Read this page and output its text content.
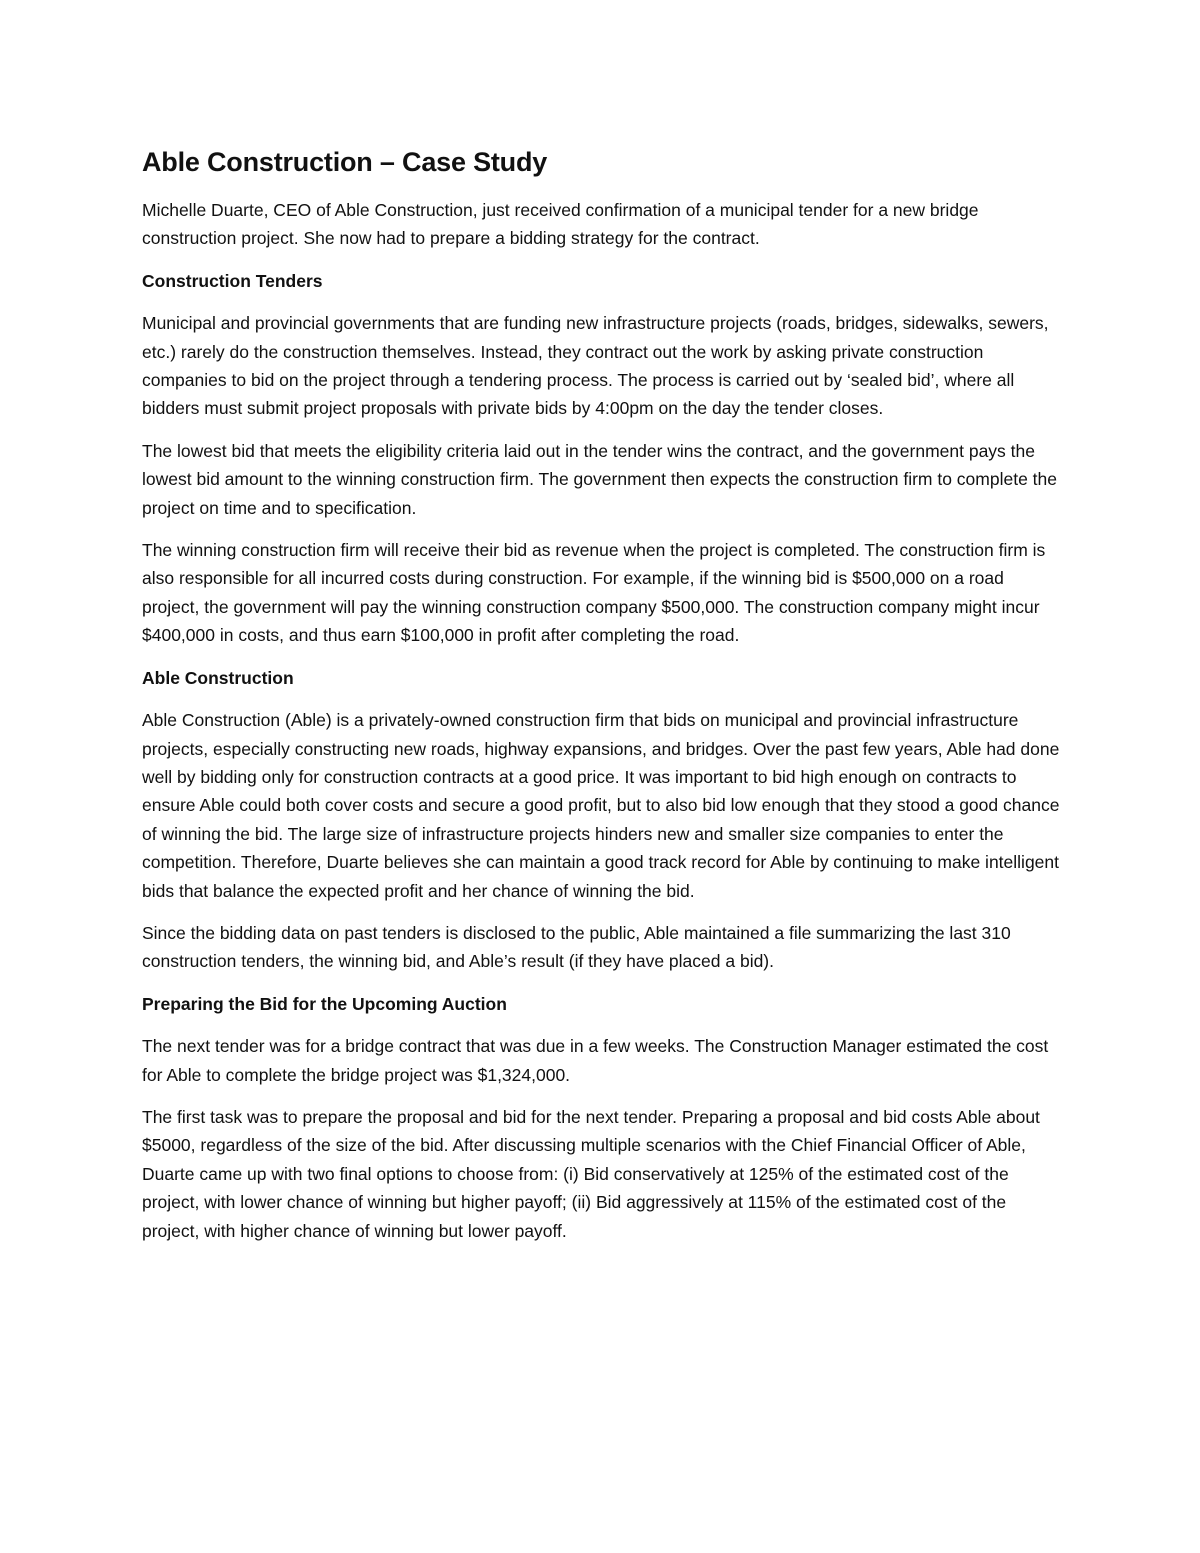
Able Construction – Case Study

Michelle Duarte, CEO of Able Construction, just received confirmation of a municipal tender for a new bridge construction project. She now had to prepare a bidding strategy for the contract.

Construction Tenders

Municipal and provincial governments that are funding new infrastructure projects (roads, bridges, sidewalks, sewers, etc.) rarely do the construction themselves. Instead, they contract out the work by asking private construction companies to bid on the project through a tendering process. The process is carried out by ‘sealed bid’, where all bidders must submit project proposals with private bids by 4:00pm on the day the tender closes.

The lowest bid that meets the eligibility criteria laid out in the tender wins the contract, and the government pays the lowest bid amount to the winning construction firm. The government then expects the construction firm to complete the project on time and to specification.

The winning construction firm will receive their bid as revenue when the project is completed. The construction firm is also responsible for all incurred costs during construction. For example, if the winning bid is $500,000 on a road project, the government will pay the winning construction company $500,000. The construction company might incur $400,000 in costs, and thus earn $100,000 in profit after completing the road.

Able Construction

Able Construction (Able) is a privately-owned construction firm that bids on municipal and provincial infrastructure projects, especially constructing new roads, highway expansions, and bridges. Over the past few years, Able had done well by bidding only for construction contracts at a good price. It was important to bid high enough on contracts to ensure Able could both cover costs and secure a good profit, but to also bid low enough that they stood a good chance of winning the bid. The large size of infrastructure projects hinders new and smaller size companies to enter the competition. Therefore, Duarte believes she can maintain a good track record for Able by continuing to make intelligent bids that balance the expected profit and her chance of winning the bid.

Since the bidding data on past tenders is disclosed to the public, Able maintained a file summarizing the last 310 construction tenders, the winning bid, and Able’s result (if they have placed a bid).

Preparing the Bid for the Upcoming Auction

The next tender was for a bridge contract that was due in a few weeks. The Construction Manager estimated the cost for Able to complete the bridge project was $1,324,000.

The first task was to prepare the proposal and bid for the next tender. Preparing a proposal and bid costs Able about $5000, regardless of the size of the bid. After discussing multiple scenarios with the Chief Financial Officer of Able, Duarte came up with two final options to choose from: (i) Bid conservatively at 125% of the estimated cost of the project, with lower chance of winning but higher payoff; (ii) Bid aggressively at 115% of the estimated cost of the project, with higher chance of winning but lower payoff.
